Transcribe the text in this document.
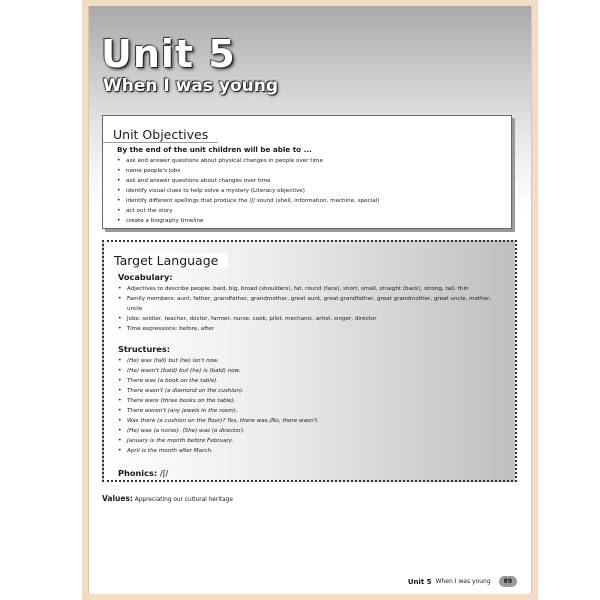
Unit 5
When I was young
Unit Objectives

By the end of the unit children will be able to ...

• ask and answer questions about physical changes in people over time
• name people's jobs
• ask and answer questions about changes over time
• identify visual clues to help solve a mystery (Literacy objective)
• identify different spellings that produce the /ʃ/ sound (shell, information, machine, special)
• act out the story
• create a biography timeline
Target Language

Vocabulary:

• Adjectives to describe people: bald, big, broad (shoulders), fat, round (face), short, small, straight (back), strong, tall, thin
• Family members: aunt, father, grandfather, grandmother, great aunt, great grandfather, great grandmother, great uncle, mother, uncle
• Jobs: soldier, teacher, doctor, farmer, nurse, cook, pilot, mechanic, artist, singer, director
• Time expressions: before, after

Structures:

• (He) was (tall) but (he) isn't now.
• (He) wasn't (bald) but (he) is (bald) now.
• There was (a book on the table).
• There wasn't (a diamond on the cushion).
• There were (three books on the table).
• There weren't (any jewels in the room).
• Was there (a cushion on the floor)? Yes, there was./No, there wasn't.
• (He) was (a nurse). (She) was (a director).
• January is the month before February.
• April is the month after March.

Phonics: /ʃ/

Values: Appreciating our cultural heritage

Unit 5 When I was young	89
